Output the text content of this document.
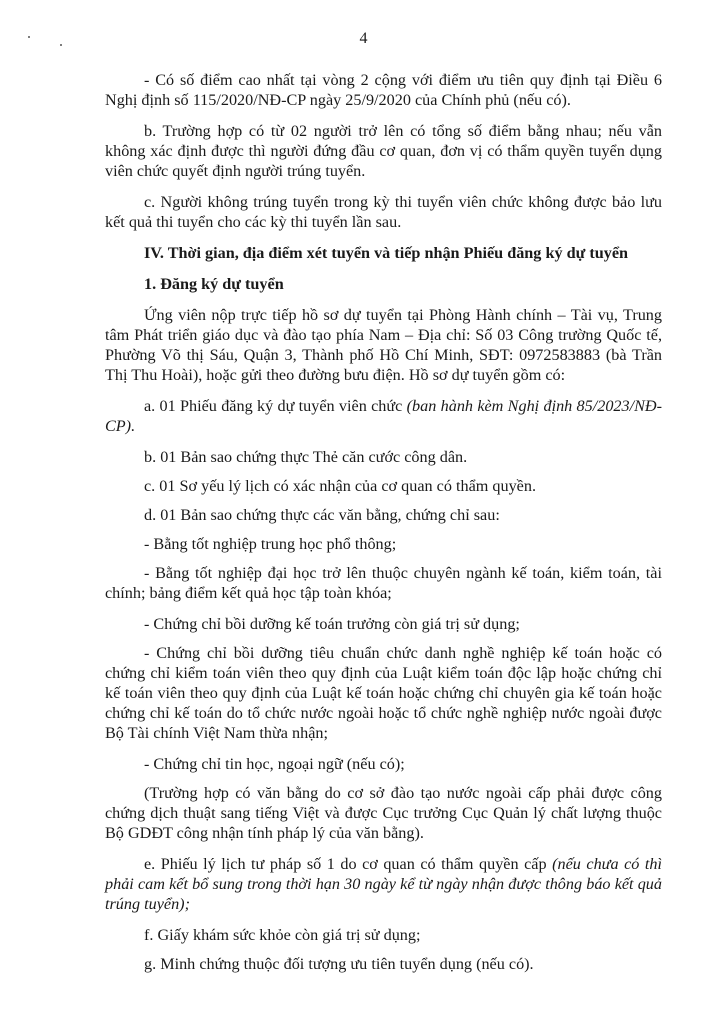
4

- Có số điểm cao nhất tại vòng 2 cộng với điểm ưu tiên quy định tại Điều 6 Nghị định số 115/2020/NĐ-CP ngày 25/9/2020 của Chính phủ (nếu có).

b. Trường hợp có từ 02 người trở lên có tổng số điểm bằng nhau; nếu vẫn không xác định được thì người đứng đầu cơ quan, đơn vị có thẩm quyền tuyển dụng viên chức quyết định người trúng tuyển.

c. Người không trúng tuyển trong kỳ thi tuyển viên chức không được bảo lưu kết quả thi tuyển cho các kỳ thi tuyển lần sau.

IV. Thời gian, địa điểm xét tuyển và tiếp nhận Phiếu đăng ký dự tuyển
1. Đăng ký dự tuyển

Ứng viên nộp trực tiếp hồ sơ dự tuyển tại Phòng Hành chính – Tài vụ, Trung tâm Phát triển giáo dục và đào tạo phía Nam – Địa chỉ: Số 03 Công trường Quốc tế, Phường Võ thị Sáu, Quận 3, Thành phố Hồ Chí Minh, SĐT: 0972583883 (bà Trần Thị Thu Hoài), hoặc gửi theo đường bưu điện. Hồ sơ dự tuyển gồm có:

a. 01 Phiếu đăng ký dự tuyển viên chức (ban hành kèm Nghị định 85/2023/NĐ-CP).

b. 01 Bản sao chứng thực Thẻ căn cước công dân.

c. 01 Sơ yếu lý lịch có xác nhận của cơ quan có thẩm quyền.

d. 01 Bản sao chứng thực các văn bằng, chứng chỉ sau:

- Bằng tốt nghiệp trung học phổ thông;

- Bằng tốt nghiệp đại học trở lên thuộc chuyên ngành kế toán, kiểm toán, tài chính; bảng điểm kết quả học tập toàn khóa;

- Chứng chỉ bồi dưỡng kế toán trưởng còn giá trị sử dụng;

- Chứng chỉ bồi dưỡng tiêu chuẩn chức danh nghề nghiệp kế toán hoặc có chứng chỉ kiểm toán viên theo quy định của Luật kiểm toán độc lập hoặc chứng chỉ kế toán viên theo quy định của Luật kế toán hoặc chứng chỉ chuyên gia kế toán hoặc chứng chỉ kế toán do tổ chức nước ngoài hoặc tổ chức nghề nghiệp nước ngoài được Bộ Tài chính Việt Nam thừa nhận;

- Chứng chỉ tin học, ngoại ngữ (nếu có);

(Trường hợp có văn bằng do cơ sở đào tạo nước ngoài cấp phải được công chứng dịch thuật sang tiếng Việt và được Cục trưởng Cục Quản lý chất lượng thuộc Bộ GDĐT công nhận tính pháp lý của văn bằng).

e. Phiếu lý lịch tư pháp số 1 do cơ quan có thẩm quyền cấp (nếu chưa có thì phải cam kết bổ sung trong thời hạn 30 ngày kể từ ngày nhận được thông báo kết quả trúng tuyển);

f. Giấy khám sức khỏe còn giá trị sử dụng;

g. Minh chứng thuộc đối tượng ưu tiên tuyển dụng (nếu có).
